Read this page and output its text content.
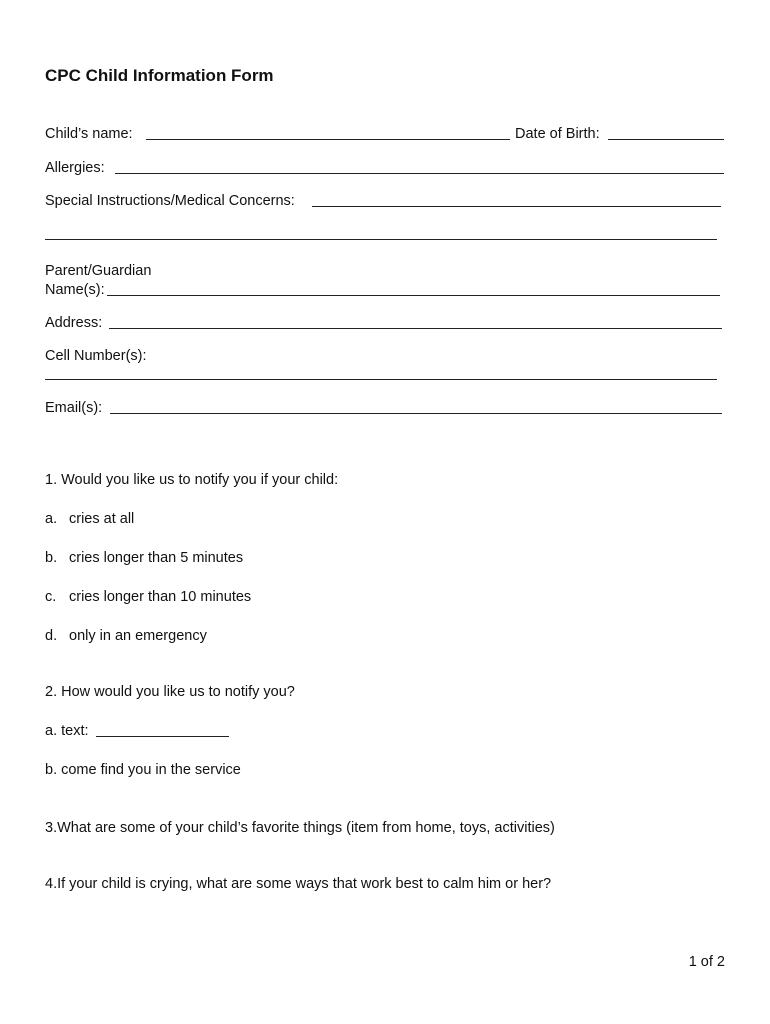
CPC Child Information Form
Child’s name:	Date of Birth:
Allergies:
Special Instructions/Medical Concerns:
Parent/Guardian
Name(s):
Address:
Cell Number(s):
Email(s):
1. Would you like us to notify you if your child:
a. cries at all
b. cries longer than 5 minutes
c. cries longer than 10 minutes
d. only in an emergency
2. How would you like us to notify you?
a. text:
b. come find you in the service
3.What are some of your child’s favorite things (item from home, toys, activities)
4.If your child is crying, what are some ways that work best to calm him or her?
1 of 2
